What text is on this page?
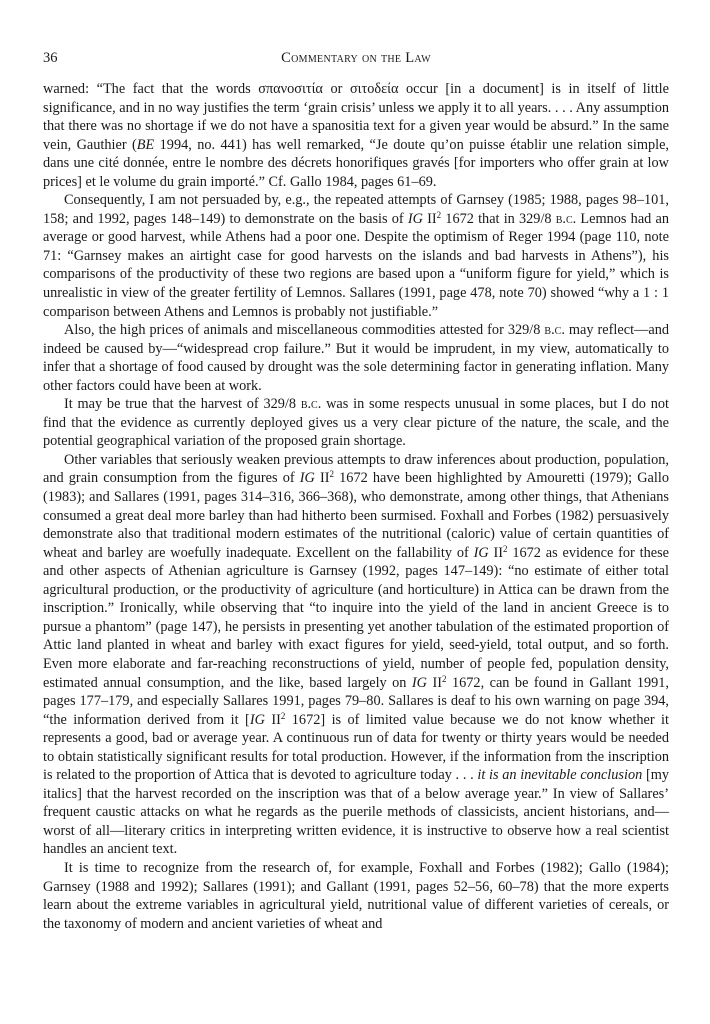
36	Commentary on the Law

warned: “The fact that the words σπανοσιτία or σιτοδεία occur [in a document] is in itself of little significance, and in no way justifies the term ‘grain crisis’ unless we apply it to all years. . . . Any assumption that there was no shortage if we do not have a spanositia text for a given year would be absurd.” In the same vein, Gauthier (BE 1994, no. 441) has well remarked, “Je doute qu’on puisse établir une relation simple, dans une cité donnée, entre le nombre des décrets honorifiques gravés [for importers who offer grain at low prices] et le volume du grain importé.” Cf. Gallo 1984, pages 61–69.

Consequently, I am not persuaded by, e.g., the repeated attempts of Garnsey (1985; 1988, pages 98–101, 158; and 1992, pages 148–149) to demonstrate on the basis of IG $II^2$ 1672 that in 329/8 b.c. Lemnos had an average or good harvest, while Athens had a poor one. Despite the optimism of Reger 1994 (page 110, note 71: “Garnsey makes an airtight case for good harvests on the islands and bad harvests in Athens”), his comparisons of the productivity of these two regions are based upon a “uniform figure for yield,” which is unrealistic in view of the greater fertility of Lemnos. Sallares (1991, page 478, note 70) showed “why a 1 : 1 comparison between Athens and Lemnos is probably not justifiable.”

Also, the high prices of animals and miscellaneous commodities attested for 329/8 b.c. may reflect—and indeed be caused by—“widespread crop failure.” But it would be imprudent, in my view, automatically to infer that a shortage of food caused by drought was the sole determining factor in generating inflation. Many other factors could have been at work.

It may be true that the harvest of 329/8 b.c. was in some respects unusual in some places, but I do not find that the evidence as currently deployed gives us a very clear picture of the nature, the scale, and the potential geographical variation of the proposed grain shortage.

Other variables that seriously weaken previous attempts to draw inferences about production, population, and grain consumption from the figures of IG $II^2$ 1672 have been highlighted by Amouretti (1979); Gallo (1983); and Sallares (1991, pages 314–316, 366–368), who demonstrate, among other things, that Athenians consumed a great deal more barley than had hitherto been surmised. Foxhall and Forbes (1982) persuasively demonstrate also that traditional modern estimates of the nutritional (caloric) value of certain quantities of wheat and barley are woefully inadequate. Excellent on the fallability of IG $II^2$ 1672 as evidence for these and other aspects of Athenian agriculture is Garnsey (1992, pages 147–149): “no estimate of either total agricultural production, or the productivity of agriculture (and horticulture) in Attica can be drawn from the inscription.” Ironically, while observing that “to inquire into the yield of the land in ancient Greece is to pursue a phantom” (page 147), he persists in presenting yet another tabulation of the estimated proportion of Attic land planted in wheat and barley with exact figures for yield, seed-yield, total output, and so forth. Even more elaborate and far-reaching reconstructions of yield, number of people fed, population density, estimated annual consumption, and the like, based largely on IG $II^2$ 1672, can be found in Gallant 1991, pages 177–179, and especially Sallares 1991, pages 79–80. Sallares is deaf to his own warning on page 394, “the information derived from it [IG $II^2$ 1672] is of limited value because we do not know whether it represents a good, bad or average year. A continuous run of data for twenty or thirty years would be needed to obtain statistically significant results for total production. However, if the information from the inscription is related to the proportion of Attica that is devoted to agriculture today . . . it is an inevitable conclusion [my italics] that the harvest recorded on the inscription was that of a below average year.” In view of Sallares’ frequent caustic attacks on what he regards as the puerile methods of classicists, ancient historians, and—worst of all—literary critics in interpreting written evidence, it is instructive to observe how a real scientist handles an ancient text.

It is time to recognize from the research of, for example, Foxhall and Forbes (1982); Gallo (1984); Garnsey (1988 and 1992); Sallares (1991); and Gallant (1991, pages 52–56, 60–78) that the more experts learn about the extreme variables in agricultural yield, nutritional value of different varieties of cereals, or the taxonomy of modern and ancient varieties of wheat and
